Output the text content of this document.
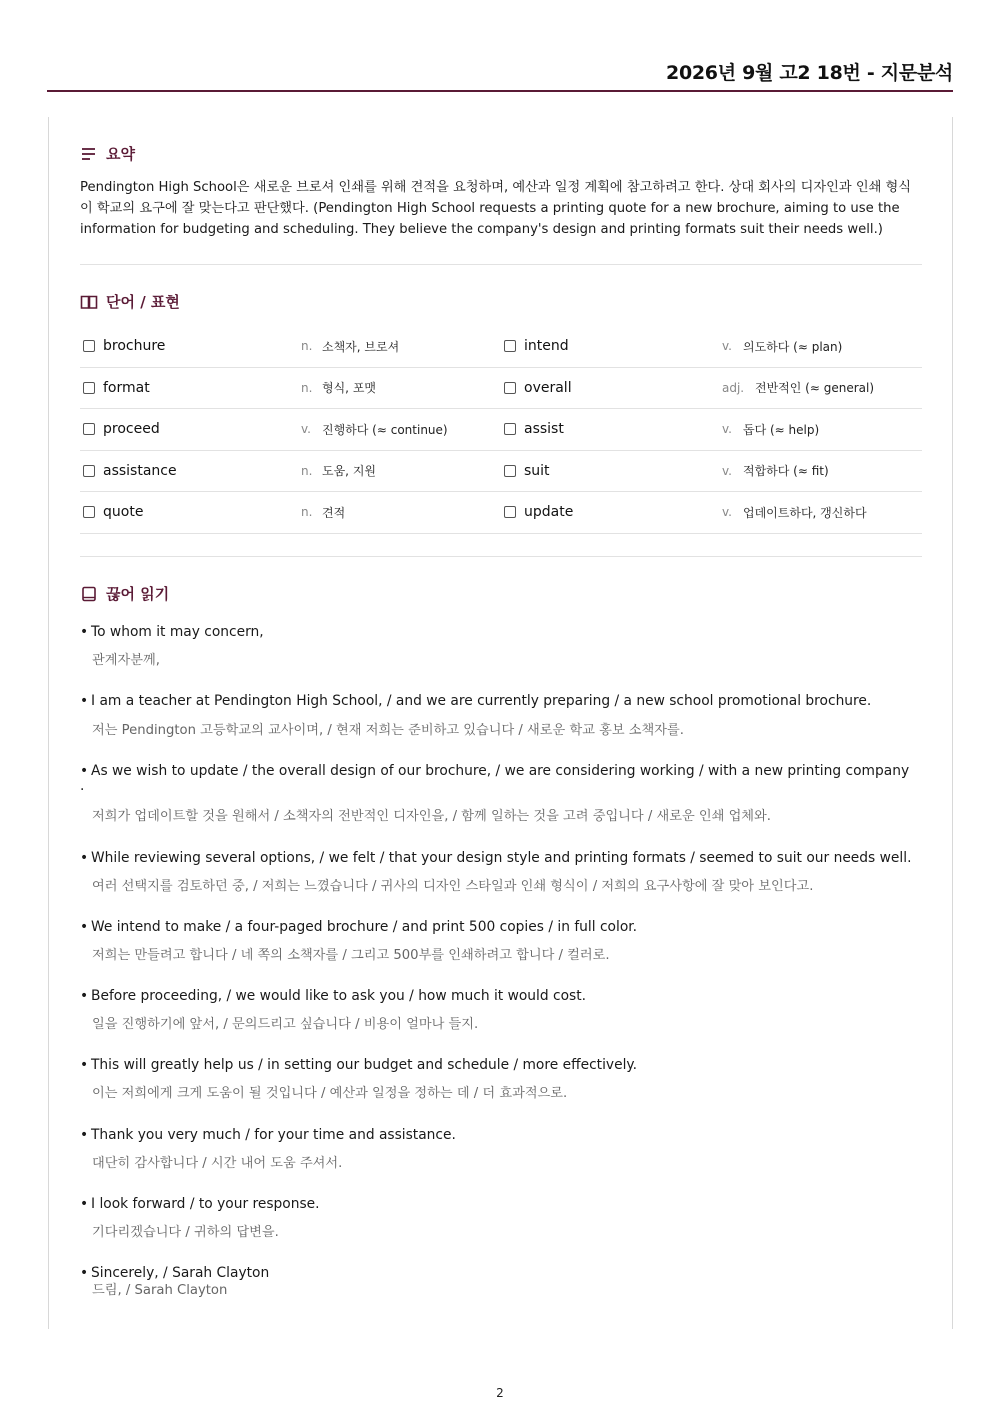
2026년 9월 고2 18번 - 지문분석
요약
Pendington High School은 새로운 브로셔 인쇄를 위해 견적을 요청하며, 예산과 일정 계획에 참고하려고 한다. 상대 회사의 디자인과 인쇄 형식이 학교의 요구에 잘 맞는다고 판단했다. (Pendington High School requests a printing quote for a new brochure, aiming to use the information for budgeting and scheduling. They believe the company's design and printing formats suit their needs well.)
단어 / 표현
brochure	n. 소책자, 브로셔	intend	v. 의도하다 (≈ plan)
format	n. 형식, 포맷	overall	adj. 전반적인 (≈ general)
proceed	v. 진행하다 (≈ continue)	assist	v. 돕다 (≈ help)
assistance	n. 도움, 지원	suit	v. 적합하다 (≈ fit)
quote	n. 견적	update	v. 업데이트하다, 갱신하다
끊어 읽기
• To whom it may concern,
관계자분께,
• I am a teacher at Pendington High School, / and we are currently preparing / a new school promotional brochure.
저는 Pendington 고등학교의 교사이며, / 현재 저희는 준비하고 있습니다 / 새로운 학교 홍보 소책자를.
• As we wish to update / the overall design of our brochure, / we are considering working / with a new printing company
.
저희가 업데이트할 것을 원해서 / 소책자의 전반적인 디자인을, / 함께 일하는 것을 고려 중입니다 / 새로운 인쇄 업체와.
• While reviewing several options, / we felt / that your design style and printing formats / seemed to suit our needs well.
여러 선택지를 검토하던 중, / 저희는 느꼈습니다 / 귀사의 디자인 스타일과 인쇄 형식이 / 저희의 요구사항에 잘 맞아 보인다고.
• We intend to make / a four-paged brochure / and print 500 copies / in full color.
저희는 만들려고 합니다 / 네 쪽의 소책자를 / 그리고 500부를 인쇄하려고 합니다 / 컬러로.
• Before proceeding, / we would like to ask you / how much it would cost.
일을 진행하기에 앞서, / 문의드리고 싶습니다 / 비용이 얼마나 들지.
• This will greatly help us / in setting our budget and schedule / more effectively.
이는 저희에게 크게 도움이 될 것입니다 / 예산과 일정을 정하는 데 / 더 효과적으로.
• Thank you very much / for your time and assistance.
대단히 감사합니다 / 시간 내어 도움 주셔서.
• I look forward / to your response.
기다리겠습니다 / 귀하의 답변을.
• Sincerely, / Sarah Clayton
드림, / Sarah Clayton
2
